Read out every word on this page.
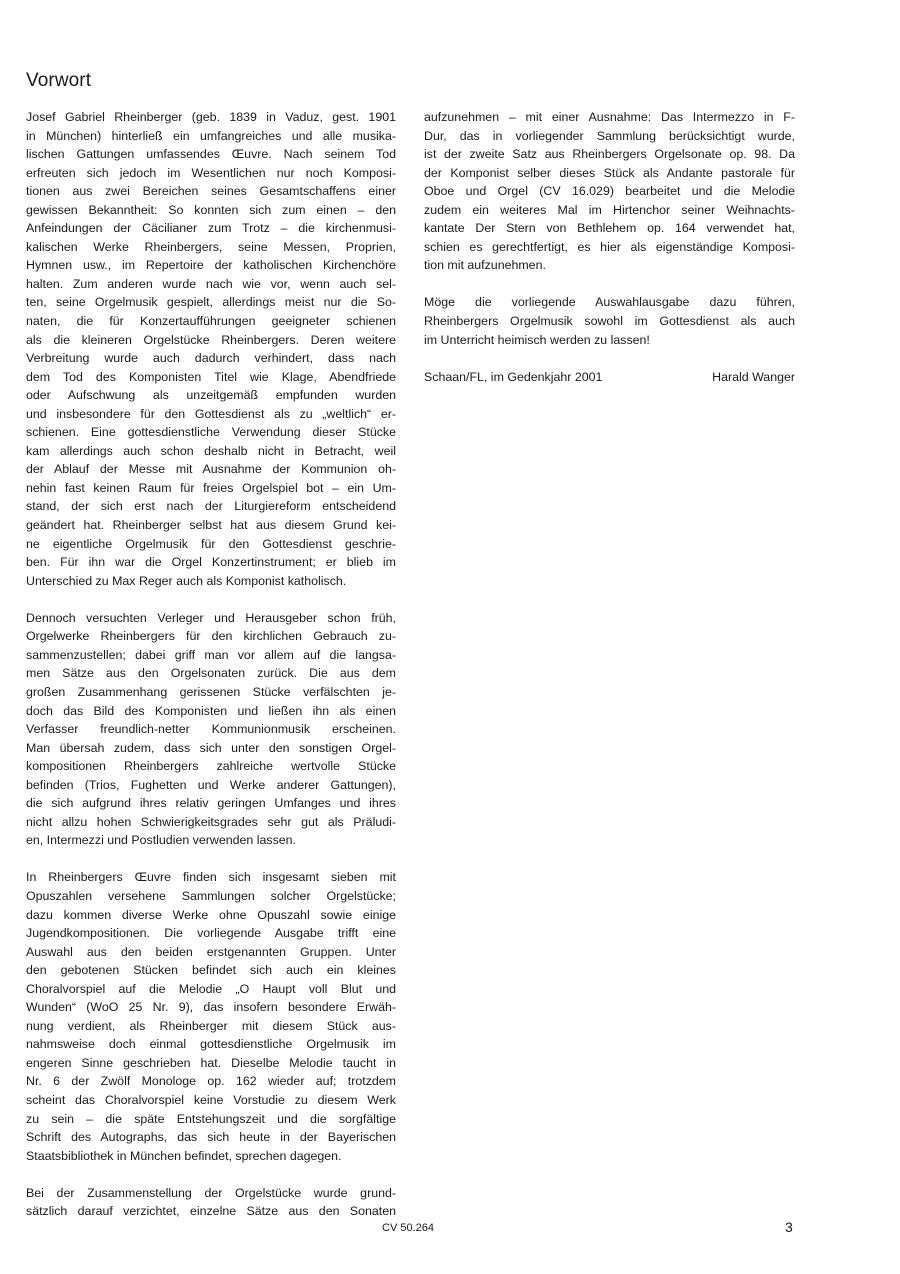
Vorwort
Josef Gabriel Rheinberger (geb. 1839 in Vaduz, gest. 1901
in München) hinterließ ein umfangreiches und alle musika-
lischen Gattungen umfassendes Œuvre. Nach seinem Tod
erfreuten sich jedoch im Wesentlichen nur noch Komposi-
tionen aus zwei Bereichen seines Gesamtschaffens einer
gewissen Bekanntheit: So konnten sich zum einen – den
Anfeindungen der Cäcilianer zum Trotz – die kirchenmusi-
kalischen Werke Rheinbergers, seine Messen, Proprien,
Hymnen usw., im Repertoire der katholischen Kirchenchöre
halten. Zum anderen wurde nach wie vor, wenn auch sel-
ten, seine Orgelmusik gespielt, allerdings meist nur die So-
naten, die für Konzertaufführungen geeigneter schienen
als die kleineren Orgelstücke Rheinbergers. Deren weitere
Verbreitung wurde auch dadurch verhindert, dass nach
dem Tod des Komponisten Titel wie Klage, Abendfriede
oder Aufschwung als unzeitgemäß empfunden wurden
und insbesondere für den Gottesdienst als zu „weltlich“ er-
schienen. Eine gottesdienstliche Verwendung dieser Stücke
kam allerdings auch schon deshalb nicht in Betracht, weil
der Ablauf der Messe mit Ausnahme der Kommunion oh-
nehin fast keinen Raum für freies Orgelspiel bot – ein Um-
stand, der sich erst nach der Liturgiereform entscheidend
geändert hat. Rheinberger selbst hat aus diesem Grund kei-
ne eigentliche Orgelmusik für den Gottesdienst geschrie-
ben. Für ihn war die Orgel Konzertinstrument; er blieb im
Unterschied zu Max Reger auch als Komponist katholisch.
Dennoch versuchten Verleger und Herausgeber schon früh,
Orgelwerke Rheinbergers für den kirchlichen Gebrauch zu-
sammenzustellen; dabei griff man vor allem auf die langsa-
men Sätze aus den Orgelsonaten zurück. Die aus dem
großen Zusammenhang gerissenen Stücke verfälschten je-
doch das Bild des Komponisten und ließen ihn als einen
Verfasser freundlich-netter Kommunionmusik erscheinen.
Man übersah zudem, dass sich unter den sonstigen Orgel-
kompositionen Rheinbergers zahlreiche wertvolle Stücke
befinden (Trios, Fughetten und Werke anderer Gattungen),
die sich aufgrund ihres relativ geringen Umfanges und ihres
nicht allzu hohen Schwierigkeitsgrades sehr gut als Präludi-
en, Intermezzi und Postludien verwenden lassen.
In Rheinbergers Œuvre finden sich insgesamt sieben mit
Opuszahlen versehene Sammlungen solcher Orgelstücke;
dazu kommen diverse Werke ohne Opuszahl sowie einige
Jugendkompositionen. Die vorliegende Ausgabe trifft eine
Auswahl aus den beiden erstgenannten Gruppen. Unter
den gebotenen Stücken befindet sich auch ein kleines
Choralvorspiel auf die Melodie „O Haupt voll Blut und
Wunden“ (WoO 25 Nr. 9), das insofern besondere Erwäh-
nung verdient, als Rheinberger mit diesem Stück aus-
nahmsweise doch einmal gottesdienstliche Orgelmusik im
engeren Sinne geschrieben hat. Dieselbe Melodie taucht in
Nr. 6 der Zwölf Monologe op. 162 wieder auf; trotzdem
scheint das Choralvorspiel keine Vorstudie zu diesem Werk
zu sein – die späte Entstehungszeit und die sorgfältige
Schrift des Autographs, das sich heute in der Bayerischen
Staatsbibliothek in München befindet, sprechen dagegen.
Bei der Zusammenstellung der Orgelstücke wurde grund-
sätzlich darauf verzichtet, einzelne Sätze aus den Sonaten
aufzunehmen – mit einer Ausnahme: Das Intermezzo in F-
Dur, das in vorliegender Sammlung berücksichtigt wurde,
ist der zweite Satz aus Rheinbergers Orgelsonate op. 98. Da
der Komponist selber dieses Stück als Andante pastorale für
Oboe und Orgel (CV 16.029) bearbeitet und die Melodie
zudem ein weiteres Mal im Hirtenchor seiner Weihnachts-
kantate Der Stern von Bethlehem op. 164 verwendet hat,
schien es gerechtfertigt, es hier als eigenständige Komposi-
tion mit aufzunehmen.
Möge die vorliegende Auswahlausgabe dazu führen,
Rheinbergers Orgelmusik sowohl im Gottesdienst als auch
im Unterricht heimisch werden zu lassen!
Schaan/FL, im Gedenkjahr 2001	Harald Wanger
CV 50.264	3
